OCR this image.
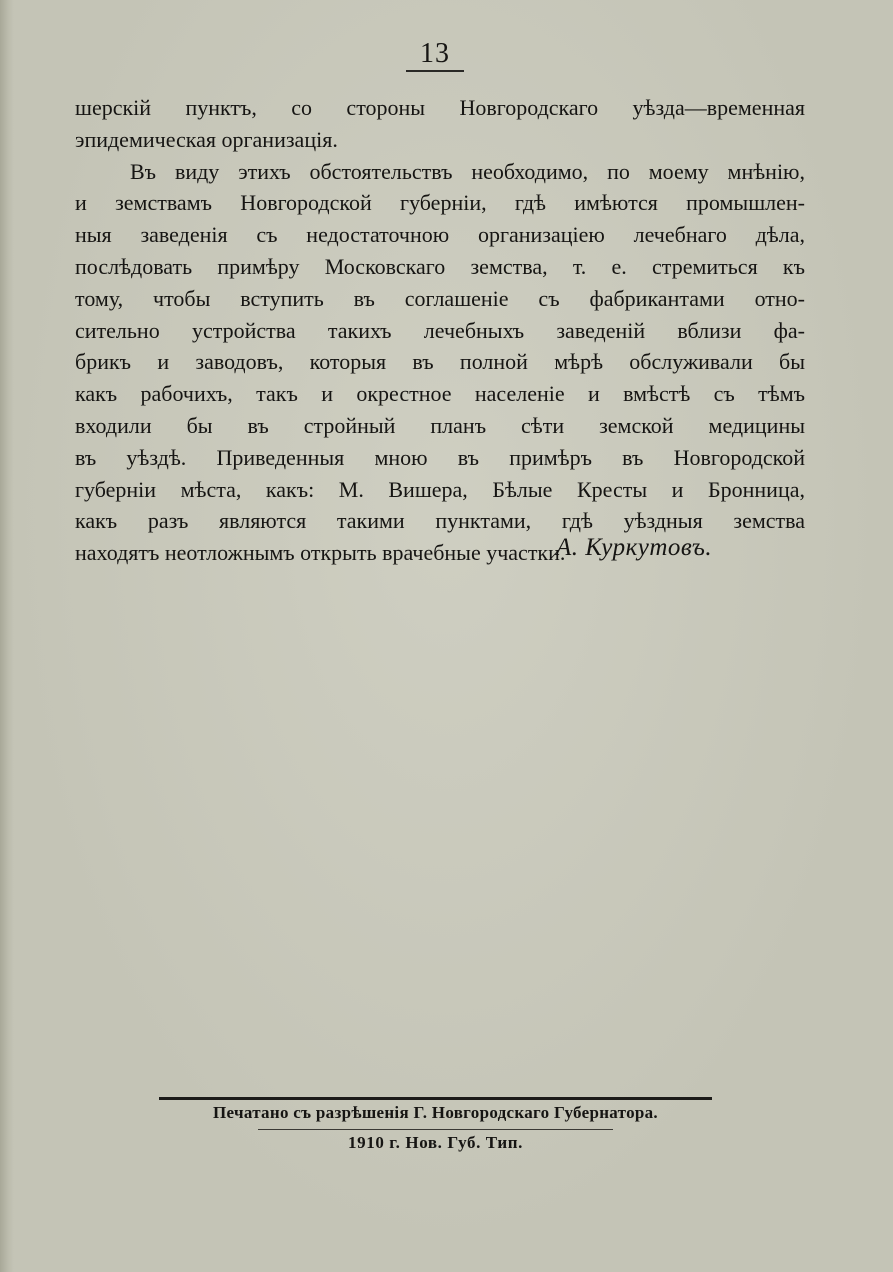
13
шерскій пунктъ, со стороны Новгородскаго уѣзда—временная
эпидемическая организація.
Въ виду этихъ обстоятельствъ необходимо, по моему мнѣнію,
и земствамъ Новгородской губерніи, гдѣ имѣются промышлен-
ныя заведенія съ недостаточною организаціею лечебнаго дѣла,
послѣдовать примѣру Московскаго земства, т. е. стремиться къ
тому, чтобы вступить въ соглашеніе съ фабрикантами отно-
сительно устройства такихъ лечебныхъ заведеній вблизи фа-
брикъ и заводовъ, которыя въ полной мѣрѣ обслуживали бы
какъ рабочихъ, такъ и окрестное населеніе и вмѣстѣ съ тѣмъ
входили бы въ стройный планъ сѣти земской медицины
въ уѣздѣ. Приведенныя мною въ примѣръ въ Новгородской
губерніи мѣста, какъ: М. Вишера, Бѣлые Кресты и Бронница,
какъ разъ являются такими пунктами, гдѣ уѣздныя земства
находятъ неотложнымъ открыть врачебные участки.
А. Куркутовъ.
Печатано съ разрѣшенія Г. Новгородскаго Губернатора.
1910 г. Нов. Губ. Тип.
